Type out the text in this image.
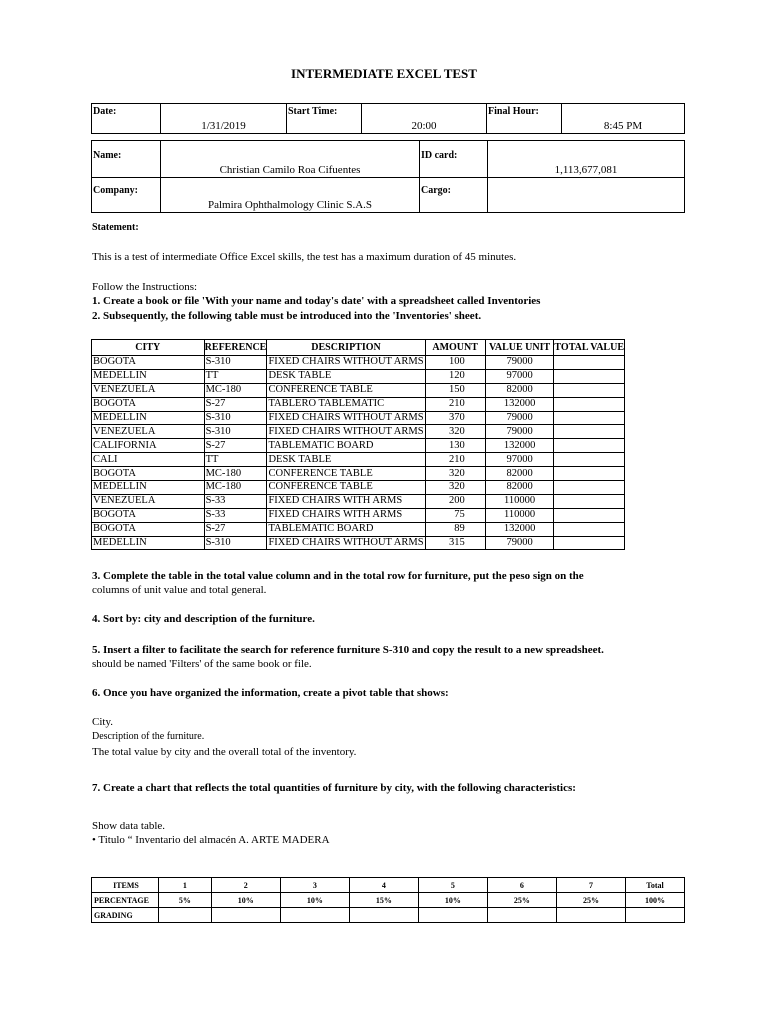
INTERMEDIATE EXCEL TEST
Date:	1/31/2019	Start Time:	20:00	Final Hour:	8:45 PM
Name:	Christian Camilo Roa Cifuentes	ID card:	1,113,677,081
Company:	Palmira Ophthalmology Clinic S.A.S	Cargo:	
Statement:
This is a test of intermediate Office Excel skills, the test has a maximum duration of 45 minutes.
Follow the Instructions:
1. Create a book or file 'With your name and today's date' with a spreadsheet called Inventories
2. Subsequently, the following table must be introduced into the 'Inventories' sheet.
CITY	REFERENCE	DESCRIPTION	AMOUNT	VALUE UNIT	TOTAL VALUE
BOGOTA	S-310	FIXED CHAIRS WITHOUT ARMS	100	79000	
MEDELLIN	TT	DESK TABLE	120	97000	
VENEZUELA	MC-180	CONFERENCE TABLE	150	82000	
BOGOTA	S-27	TABLERO TABLEMATIC	210	132000	
MEDELLIN	S-310	FIXED CHAIRS WITHOUT ARMS	370	79000	
VENEZUELA	S-310	FIXED CHAIRS WITHOUT ARMS	320	79000	
CALIFORNIA	S-27	TABLEMATIC BOARD	130	132000	
CALI	TT	DESK TABLE	210	97000	
BOGOTA	MC-180	CONFERENCE TABLE	320	82000	
MEDELLIN	MC-180	CONFERENCE TABLE	320	82000	
VENEZUELA	S-33	FIXED CHAIRS WITH ARMS	200	110000	
BOGOTA	S-33	FIXED CHAIRS WITH ARMS	75	110000	
BOGOTA	S-27	TABLEMATIC BOARD	89	132000	
MEDELLIN	S-310	FIXED CHAIRS WITHOUT ARMS	315	79000	
3. Complete the table in the total value column and in the total row for furniture, put the peso sign on the
columns of unit value and total general.
4. Sort by: city and description of the furniture.
5. Insert a filter to facilitate the search for reference furniture S-310 and copy the result to a new spreadsheet.
should be named 'Filters' of the same book or file.
6. Once you have organized the information, create a pivot table that shows:
City.
Description of the furniture.
The total value by city and the overall total of the inventory.
7. Create a chart that reflects the total quantities of furniture by city, with the following characteristics:
Show data table.
• Titulo “ Inventario del almacén A. ARTE MADERA
ITEMS	1	2	3	4	5	6	7	Total
PERCENTAGE	5%	10%	10%	15%	10%	25%	25%	100%
GRADING								
